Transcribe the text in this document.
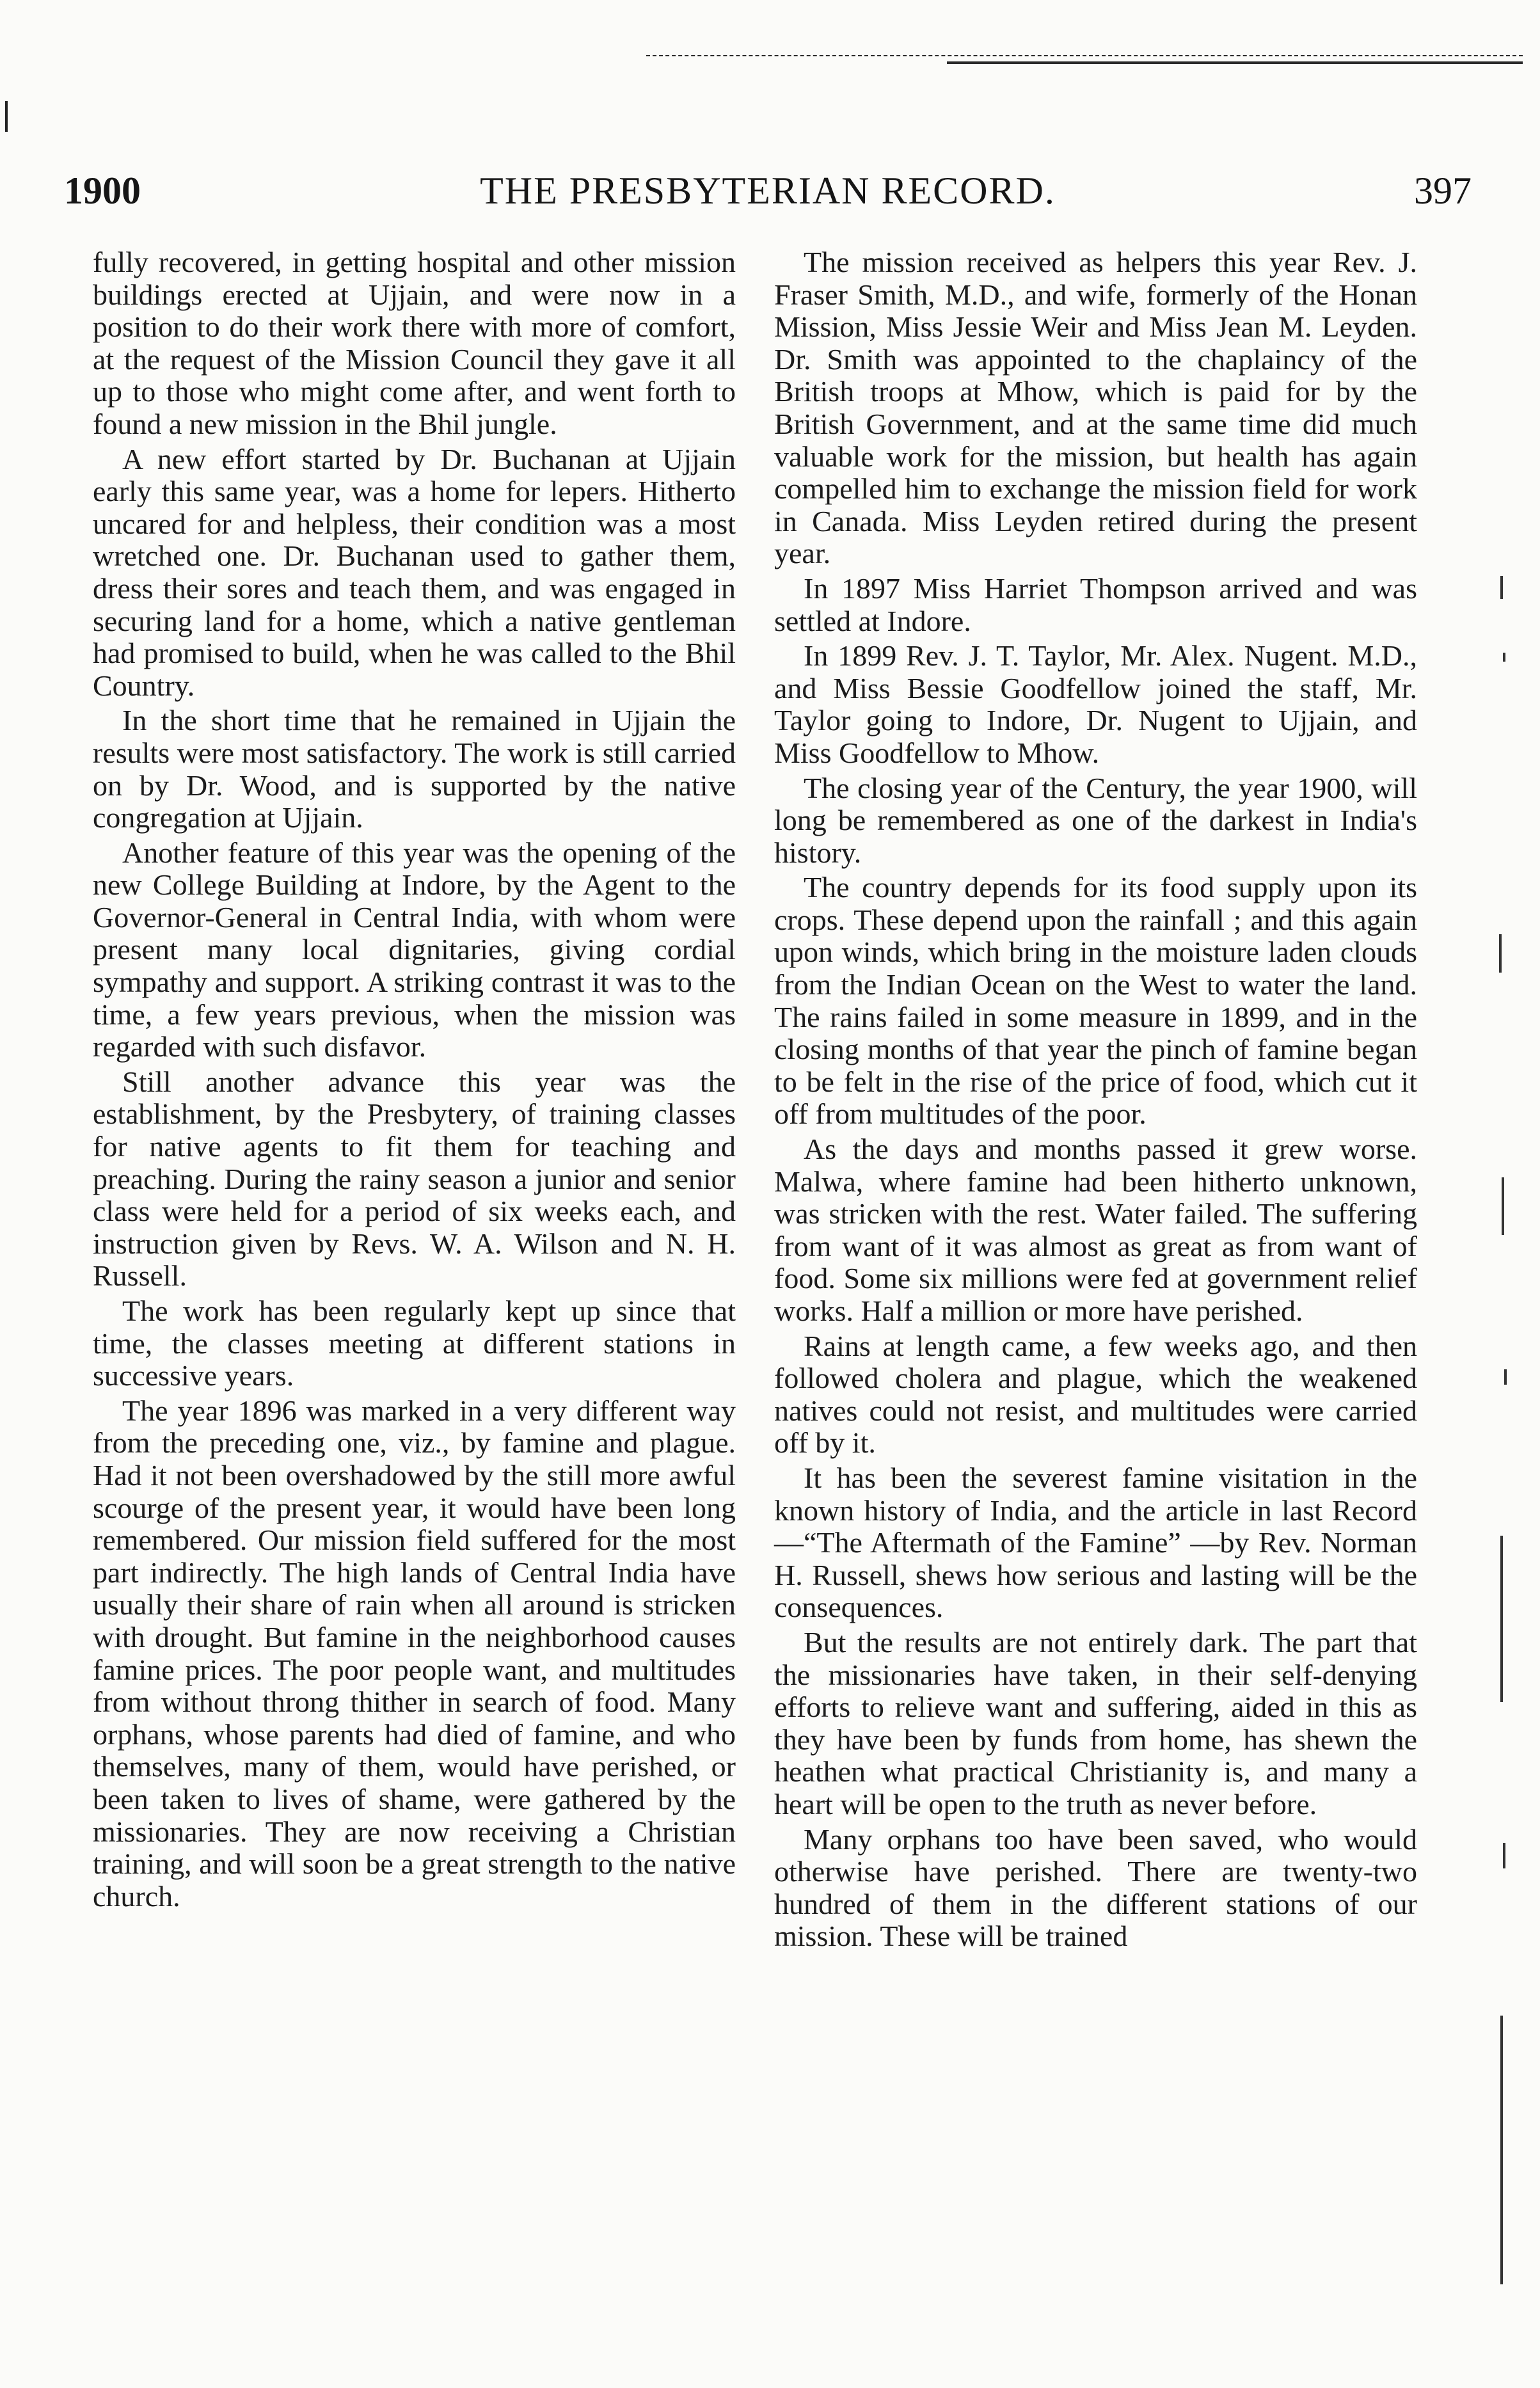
1900	THE PRESBYTERIAN RECORD.	397

fully recovered, in getting hospital and other mission buildings erected at Ujjain, and were now in a position to do their work there with more of comfort, at the request of the Mission Council they gave it all up to those who might come after, and went forth to found a new mission in the Bhil jungle.

A new effort started by Dr. Buchanan at Ujjain early this same year, was a home for lepers. Hitherto uncared for and helpless, their condition was a most wretched one. Dr. Buchanan used to gather them, dress their sores and teach them, and was engaged in securing land for a home, which a native gentleman had promised to build, when he was called to the Bhil Country.

In the short time that he remained in Ujjain the results were most satisfactory. The work is still carried on by Dr. Wood, and is supported by the native congregation at Ujjain.

Another feature of this year was the opening of the new College Building at Indore, by the Agent to the Governor-General in Central India, with whom were present many local dignitaries, giving cordial sympathy and support. A striking contrast it was to the time, a few years previous, when the mission was regarded with such disfavor.

Still another advance this year was the establishment, by the Presbytery, of training classes for native agents to fit them for teaching and preaching. During the rainy season a junior and senior class were held for a period of six weeks each, and instruction given by Revs. W. A. Wilson and N. H. Russell.

The work has been regularly kept up since that time, the classes meeting at different stations in successive years.

The year 1896 was marked in a very different way from the preceding one, viz., by famine and plague. Had it not been overshadowed by the still more awful scourge of the present year, it would have been long remembered. Our mission field suffered for the most part indirectly. The high lands of Central India have usually their share of rain when all around is stricken with drought. But famine in the neighborhood causes famine prices. The poor people want, and multitudes from without throng thither in search of food. Many orphans, whose parents had died of famine, and who themselves, many of them, would have perished, or been taken to lives of shame, were gathered by the missionaries. They are now receiving a Christian training, and will soon be a great strength to the native church.

The mission received as helpers this year Rev. J. Fraser Smith, M.D., and wife, formerly of the Honan Mission, Miss Jessie Weir and Miss Jean M. Leyden. Dr. Smith was appointed to the chaplaincy of the British troops at Mhow, which is paid for by the British Government, and at the same time did much valuable work for the mission, but health has again compelled him to exchange the mission field for work in Canada. Miss Leyden retired during the present year.

In 1897 Miss Harriet Thompson arrived and was settled at Indore.

In 1899 Rev. J. T. Taylor, Mr. Alex. Nugent. M.D., and Miss Bessie Goodfellow joined the staff, Mr. Taylor going to Indore, Dr. Nugent to Ujjain, and Miss Goodfellow to Mhow.

The closing year of the Century, the year 1900, will long be remembered as one of the darkest in India's history.

The country depends for its food supply upon its crops. These depend upon the rainfall ; and this again upon winds, which bring in the moisture laden clouds from the Indian Ocean on the West to water the land. The rains failed in some measure in 1899, and in the closing months of that year the pinch of famine began to be felt in the rise of the price of food, which cut it off from multitudes of the poor.

As the days and months passed it grew worse. Malwa, where famine had been hitherto unknown, was stricken with the rest. Water failed. The suffering from want of it was almost as great as from want of food. Some six millions were fed at government relief works. Half a million or more have perished.

Rains at length came, a few weeks ago, and then followed cholera and plague, which the weakened natives could not resist, and multitudes were carried off by it.

It has been the severest famine visitation in the known history of India, and the article in last Record—“The Aftermath of the Famine” —by Rev. Norman H. Russell, shews how serious and lasting will be the consequences.

But the results are not entirely dark. The part that the missionaries have taken, in their self-denying efforts to relieve want and suffering, aided in this as they have been by funds from home, has shewn the heathen what practical Christianity is, and many a heart will be open to the truth as never before.

Many orphans too have been saved, who would otherwise have perished. There are twenty-two hundred of them in the different stations of our mission. These will be trained
